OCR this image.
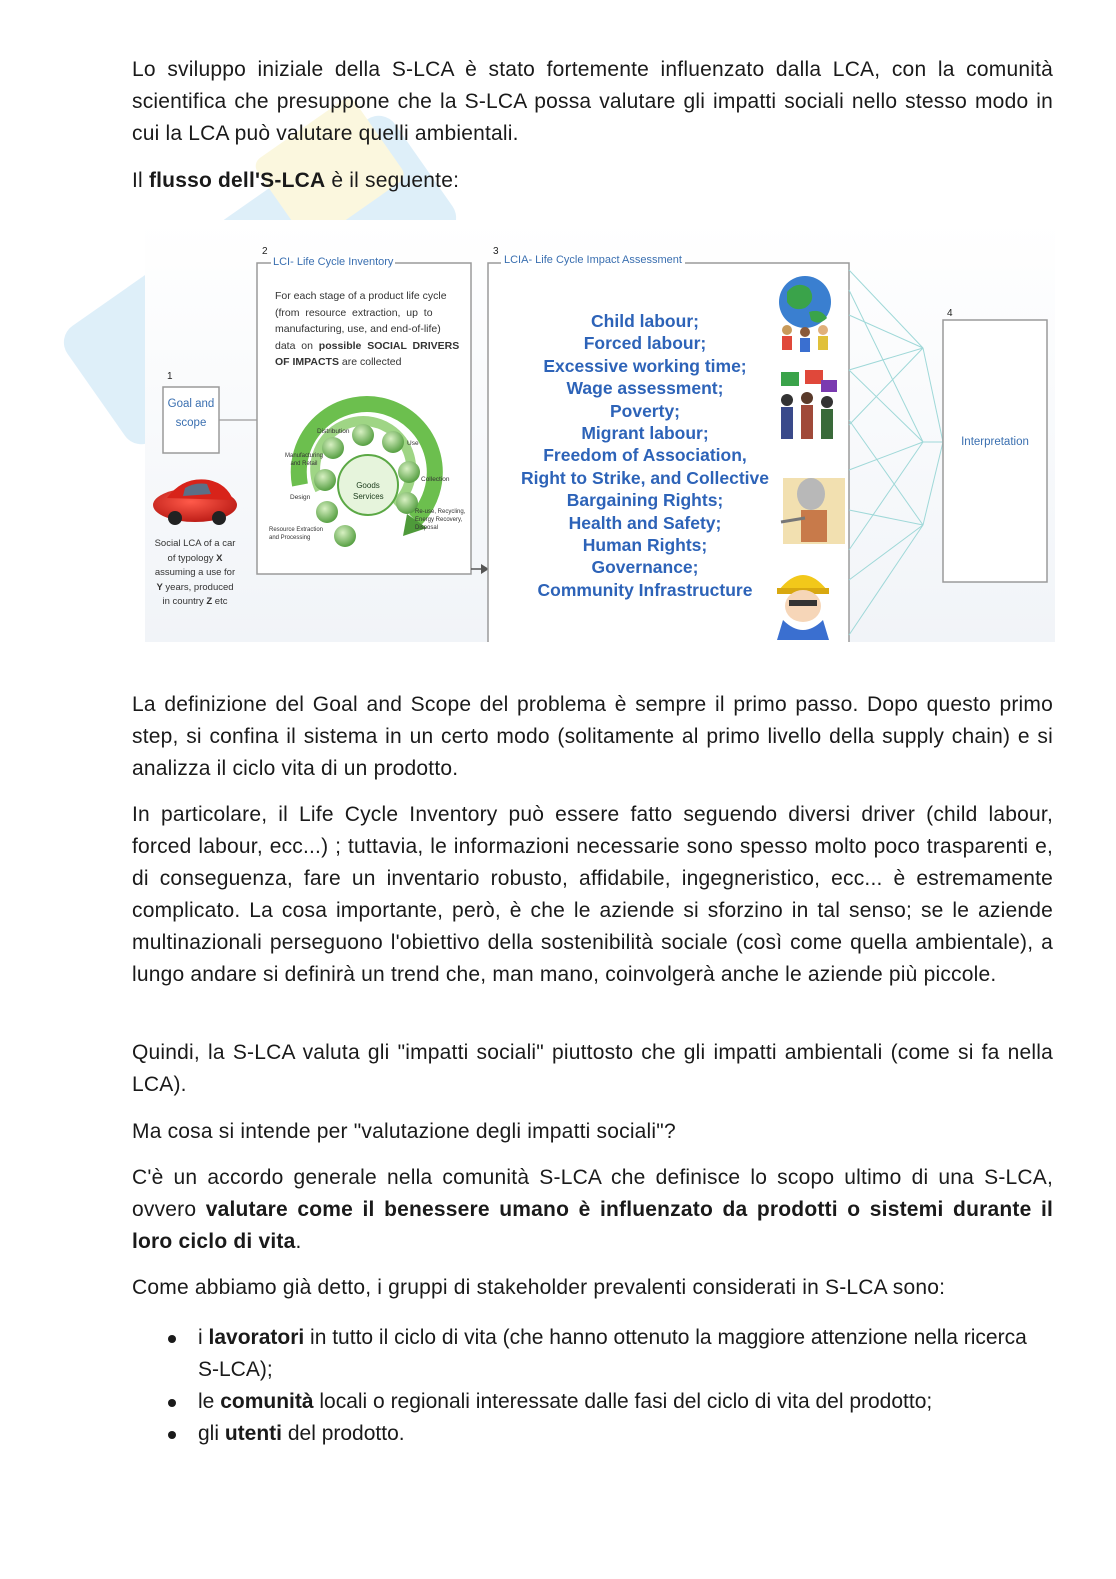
Lo sviluppo iniziale della S-LCA è stato fortemente influenzato dalla LCA, con la comunità scientifica che presuppone che la S-LCA possa valutare gli impatti sociali nello stesso modo in cui la LCA può valutare quelli ambientali.

Il flusso dell'S-LCA è il seguente:

1
Goal and
scope
Social LCA of a car
of typology X
assuming a use for
Y years, produced
in country Z etc
2
LCI- Life Cycle Inventory
For each stage of a product life cycle
(from  resource  extraction,  up  to
manufacturing, use, and end-of-life)
data  on  possible  SOCIAL  DRIVERS
OF IMPACTS are collected
Goods
Services
Distribution
Use
Collection
Re-use, Recycling,
Energy Recovery,
Disposal
Manufacturing
and Retail
Design
Resource Extraction
and Processing
3
LCIA- Life Cycle Impact Assessment
Child labour;
Forced labour;
Excessive working time;
Wage assessment;
Poverty;
Migrant labour;
Freedom of Association,
Right to Strike, and Collective
Bargaining Rights;
Health and Safety;
Human Rights;
Governance;
Community Infrastructure
4
Interpretation

La definizione del Goal and Scope del problema è sempre il primo passo. Dopo questo primo step, si confina il sistema in un certo modo (solitamente al primo livello della supply chain) e si analizza il ciclo vita di un prodotto.

In particolare, il Life Cycle Inventory può essere fatto seguendo diversi driver (child labour, forced labour, ecc...) ; tuttavia, le informazioni necessarie sono spesso molto poco trasparenti e, di conseguenza, fare un inventario robusto, affidabile, ingegneristico, ecc... è estremamente complicato. La cosa importante, però, è che le aziende si sforzino in tal senso; se le aziende multinazionali perseguono l'obiettivo della sostenibilità sociale (così come quella ambientale), a lungo andare si definirà un trend che, man mano, coinvolgerà anche le aziende più piccole.

Quindi, la S-LCA valuta gli "impatti sociali" piuttosto che gli impatti ambientali (come si fa nella LCA).

Ma cosa si intende per "valutazione degli impatti sociali"?

C'è un accordo generale nella comunità S-LCA che definisce lo scopo ultimo di una S-LCA, ovvero valutare come il benessere umano è influenzato da prodotti o sistemi durante il loro ciclo di vita.

Come abbiamo già detto, i gruppi di stakeholder prevalenti considerati in S-LCA sono:

i lavoratori in tutto il ciclo di vita (che hanno ottenuto la maggiore attenzione nella ricerca S-LCA);
le comunità locali o regionali interessate dalle fasi del ciclo di vita del prodotto;
gli utenti del prodotto.
